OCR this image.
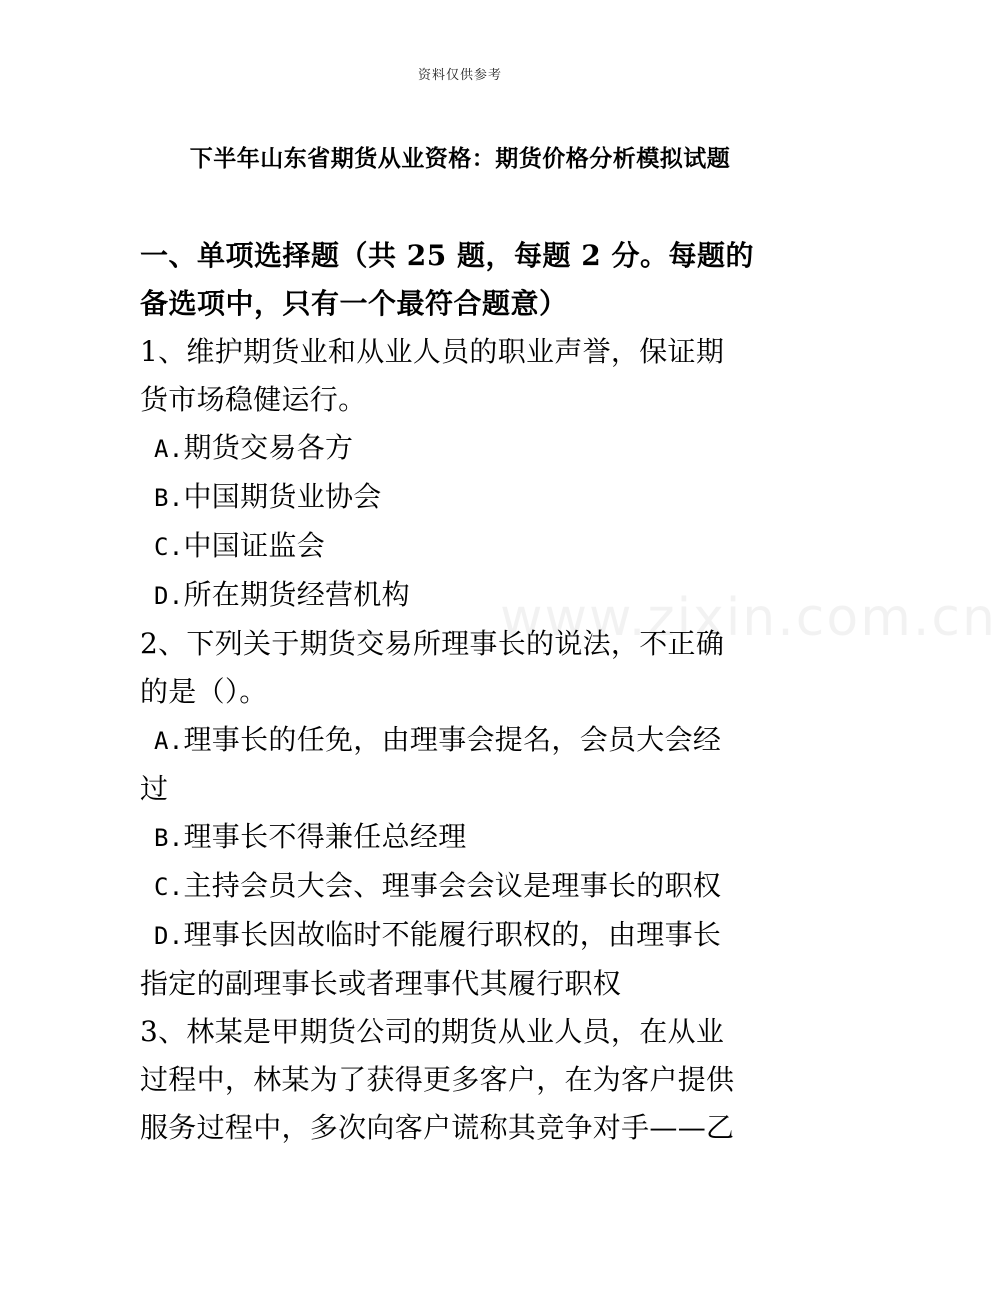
资料仅供参考
下半年山东省期货从业资格：期货价格分析模拟试题
www.zixin.com.cn

一、单项选择题（共 25 题，每题 2 分。每题的

备选项中，只有一个最符合题意）

1、维护期货业和从业人员的职业声誉，保证期

货市场稳健运行。

A.期货交易各方

B.中国期货业协会

C.中国证监会

D.所在期货经营机构

2、下列关于期货交易所理事长的说法，不正确

的是（）。

A.理事长的任免，由理事会提名，会员大会经

过

B.理事长不得兼任总经理

C.主持会员大会、理事会会议是理事长的职权

D.理事长因故临时不能履行职权的，由理事长

指定的副理事长或者理事代其履行职权

3、林某是甲期货公司的期货从业人员，在从业

过程中，林某为了获得更多客户，在为客户提供

服务过程中，多次向客户谎称其竞争对手——乙
